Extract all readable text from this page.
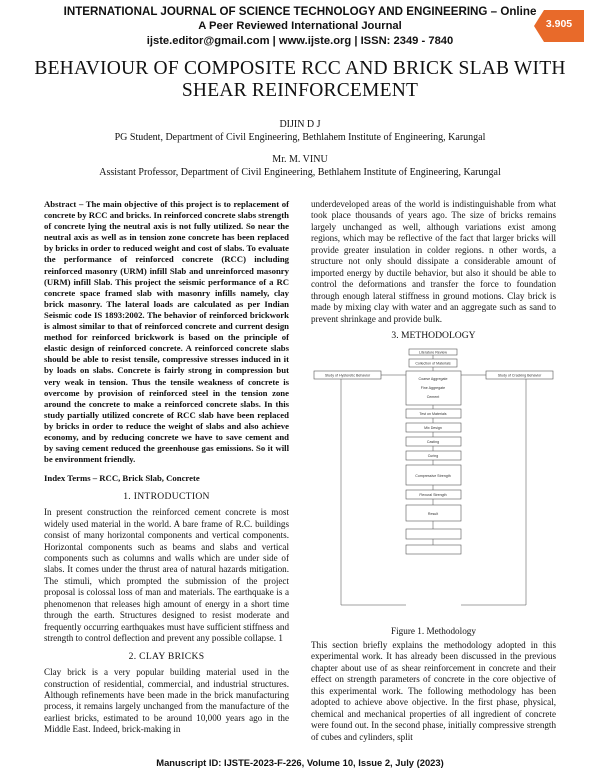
INTERNATIONAL JOURNAL OF SCIENCE TECHNOLOGY AND ENGINEERING – Online
A Peer Reviewed International Journal
ijste.editor@gmail.com | www.ijste.org | ISSN: 2349 - 7840
3.905
BEHAVIOUR OF COMPOSITE RCC AND BRICK SLAB WITH SHEAR REINFORCEMENT
DIJIN D J
PG Student, Department of Civil Engineering, Bethlahem Institute of Engineering, Karungal
Mr. M. VINU
Assistant Professor, Department of Civil Engineering, Bethlahem Institute of Engineering, Karungal
Abstract – The main objective of this project is to replacement of concrete by RCC and bricks. In reinforced concrete slabs strength of concrete lying the neutral axis is not fully utilized. So near the neutral axis as well as in tension zone concrete has been replaced by bricks in order to reduced weight and cost of slabs. To evaluate the performance of reinforced concrete (RCC) including reinforced masonry (URM) infill Slab and unreinforced masonry (URM) infill Slab. This project the seismic performance of a RC concrete space framed slab with masonry infills namely, clay brick masonry. The lateral loads are calculated as per Indian Seismic code IS 1893:2002. The behavior of reinforced brickwork is almost similar to that of reinforced concrete and current design method for reinforced brickwork is based on the principle of elastic design of reinforced concrete. A reinforced concrete slabs should be able to resist tensile, compressive stresses induced in it by loads on slabs. Concrete is fairly strong in compression but very weak in tension. Thus the tensile weakness of concrete is overcome by provision of reinforced steel in the tension zone around the concrete to make a reinforced concrete slabs. In this study partially utilized concrete of RCC slab have been replaced by bricks in order to reduce the weight of slabs and also achieve economy, and by reducing concrete we have to save cement and by saving cement reduced the greenhouse gas emissions. So it will be environment friendly.
Index Terms – RCC, Brick Slab, Concrete
1. INTRODUCTION
In present construction the reinforced cement concrete is most widely used material in the world. A bare frame of R.C. buildings consist of many horizontal components and vertical components. Horizontal components such as beams and slabs and vertical components such as columns and walls which are under side of slabs. It comes under the thrust area of natural hazards mitigation. The stimuli, which prompted the submission of the project proposal is colossal loss of man and materials. The earthquake is a phenomenon that releases high amount of energy in a short time through the earth. Structures designed to resist moderate and frequently occurring earthquakes must have sufficient stiffness and strength to control deflection and prevent any possible collapse. 1
2. CLAY BRICKS
Clay brick is a very popular building material used in the construction of residential, commercial, and industrial structures. Although refinements have been made in the brick manufacturing process, it remains largely unchanged from the manufacture of the earliest bricks, estimated to be around 10,000 years ago in the Middle East. Indeed, brick-making in
underdeveloped areas of the world is indistinguishable from what took place thousands of years ago. The size of bricks remains largely unchanged as well, although variations exist among regions, which may be reflective of the fact that larger bricks will provide greater insulation in colder regions. n other words, a structure not only should dissipate a considerable amount of imported energy by ductile behavior, but also it should be able to control the deformations and transfer the force to foundation through enough lateral stiffness in ground motions. Clay brick is made by mixing clay with water and an aggregate such as sand to prevent shrinkage and provide bulk.
3. METHODOLOGY
Literature Review
Collection of Materials
Coarse Aggregate
Fine Aggregate
Cement
Study of Hysteretic Behavior	Study of Cracking Behavior
Test on Materials
Mix Design
Casting
Curing
Compressive Strength
Flexural Strength
Result
Figure 1. Methodology
This section briefly explains the methodology adopted in this experimental work. It has already been discussed in the previous chapter about use of as shear reinforcement in concrete and their effect on strength parameters of concrete in the core objective of this experimental work. The following methodology has been adopted to achieve above objective. In the first phase, physical, chemical and mechanical properties of all ingredient of concrete were found out. In the second phase, initially compressive strength of cubes and cylinders, split
Manuscript ID: IJSTE-2023-F-226, Volume 10, Issue 2, July (2023)
